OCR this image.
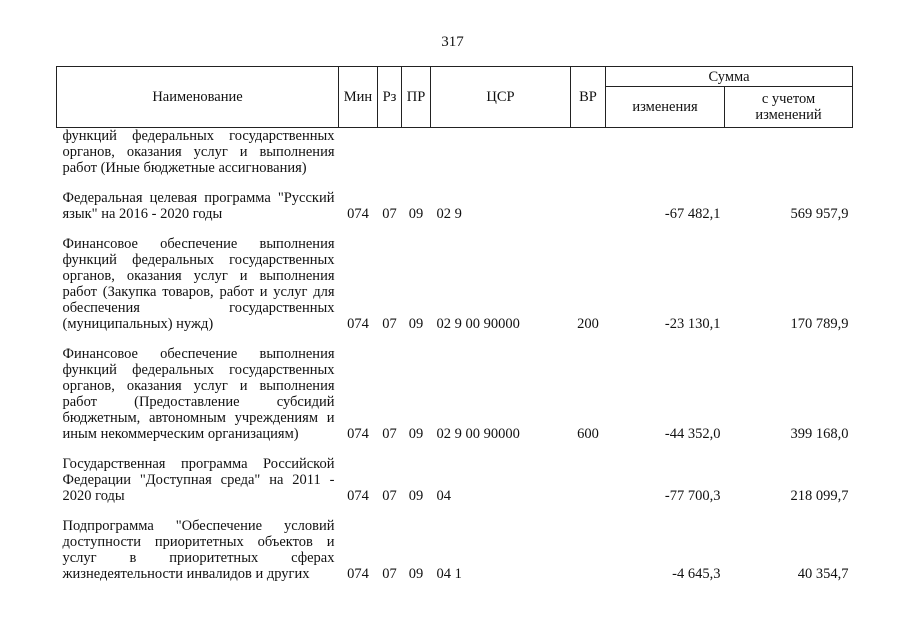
317
Наименование	Мин	Рз	ПР	ЦСР	ВР	Сумма	
						изменения	с учетом изменений
функций федеральных государственных органов, оказания услуг и выполнения работ (Иные бюджетные ассигнования)							
Федеральная целевая программа "Русский язык" на 2016 - 2020 годы	074	07	09	02 9		-67 482,1	569 957,9
Финансовое обеспечение выполнения функций федеральных государственных органов, оказания услуг и выполнения работ (Закупка товаров, работ и услуг для обеспечения государственных (муниципальных) нужд)	074	07	09	02 9 00 90000	200	-23 130,1	170 789,9
Финансовое обеспечение выполнения функций федеральных государственных органов, оказания услуг и выполнения работ (Предоставление субсидий бюджетным, автономным учреждениям и иным некоммерческим организациям)	074	07	09	02 9 00 90000	600	-44 352,0	399 168,0
Государственная программа Российской Федерации "Доступная среда" на 2011 - 2020 годы	074	07	09	04		-77 700,3	218 099,7
Подпрограмма "Обеспечение условий доступности приоритетных объектов и услуг в приоритетных сферах жизнедеятельности инвалидов и других	074	07	09	04 1		-4 645,3	40 354,7
